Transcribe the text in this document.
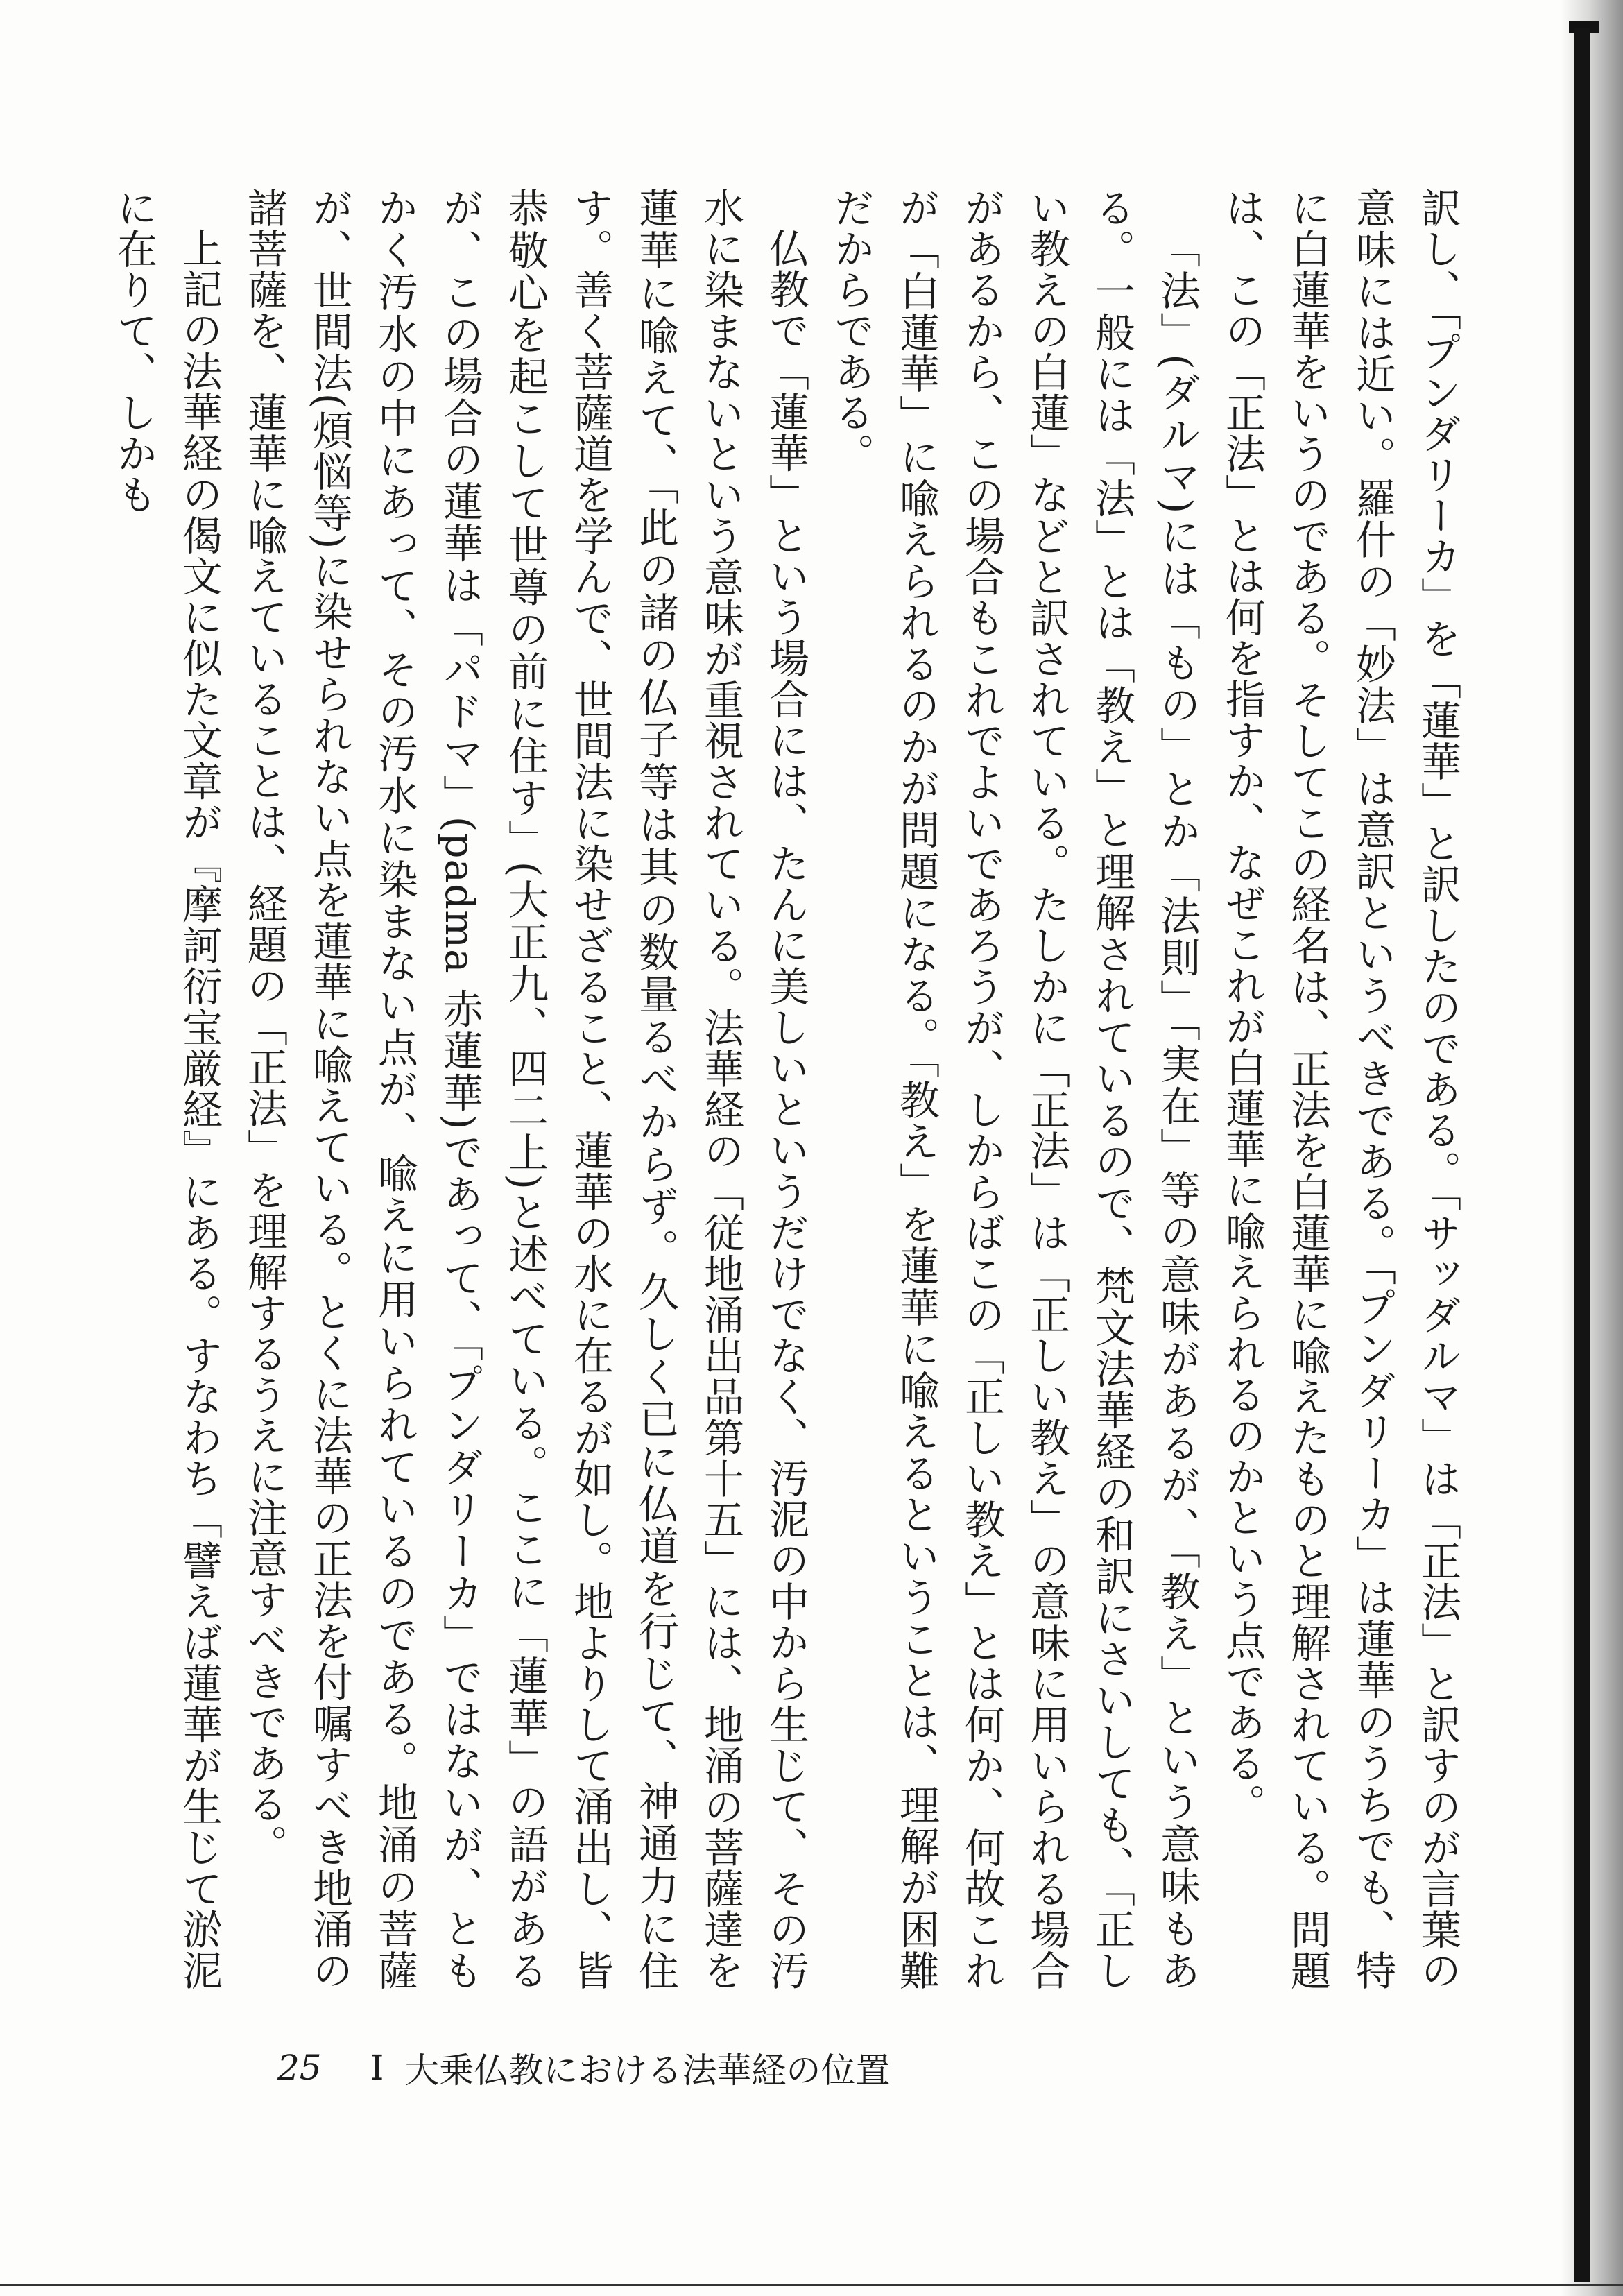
訳し、「プンダリーカ」を「蓮華」と訳したのである。「サッダルマ」は「正法」と訳すのが言葉の意味には近い。羅什の「妙法」は意訳というべきである。「プンダリーカ」は蓮華のうちでも、特に白蓮華をいうのである。そしてこの経名は、正法を白蓮華に喩えたものと理解されている。問題は、この「正法」とは何を指すか、なぜこれが白蓮華に喩えられるのかという点である。

「法」(ダルマ)には「もの」とか「法則」「実在」等の意味があるが、「教え」という意味もある。一般には「法」とは「教え」と理解されているので、梵文法華経の和訳にさいしても、「正しい教えの白蓮」などと訳されている。たしかに「正法」は「正しい教え」の意味に用いられる場合があるから、この場合もこれでよいであろうが、しからばこの「正しい教え」とは何か、何故これが「白蓮華」に喩えられるのかが問題になる。「教え」を蓮華に喩えるということは、理解が困難だからである。

仏教で「蓮華」という場合には、たんに美しいというだけでなく、汚泥の中から生じて、その汚水に染まないという意味が重視されている。法華経の「従地涌出品第十五」には、地涌の菩薩達を蓮華に喩えて、「此の諸の仏子等は其の数量るべからず。久しく已に仏道を行じて、神通力に住す。善く菩薩道を学んで、世間法に染せざること、蓮華の水に在るが如し。地よりして涌出し、皆恭敬心を起こして世尊の前に住す」(大正九、四二上)と述べている。ここに「蓮華」の語があるが、この場合の蓮華は「パドマ」(padma 赤蓮華)であって、「プンダリーカ」ではないが、ともかく汚水の中にあって、その汚水に染まない点が、喩えに用いられているのである。地涌の菩薩が、世間法(煩悩等)に染せられない点を蓮華に喩えている。とくに法華の正法を付嘱すべき地涌の諸菩薩を、蓮華に喩えていることは、経題の「正法」を理解するうえに注意すべきである。

上記の法華経の偈文に似た文章が『摩訶衍宝厳経』にある。すなわち「譬えば蓮華が生じて淤泥に在りて、しかも

25 I 大乗仏教における法華経の位置
